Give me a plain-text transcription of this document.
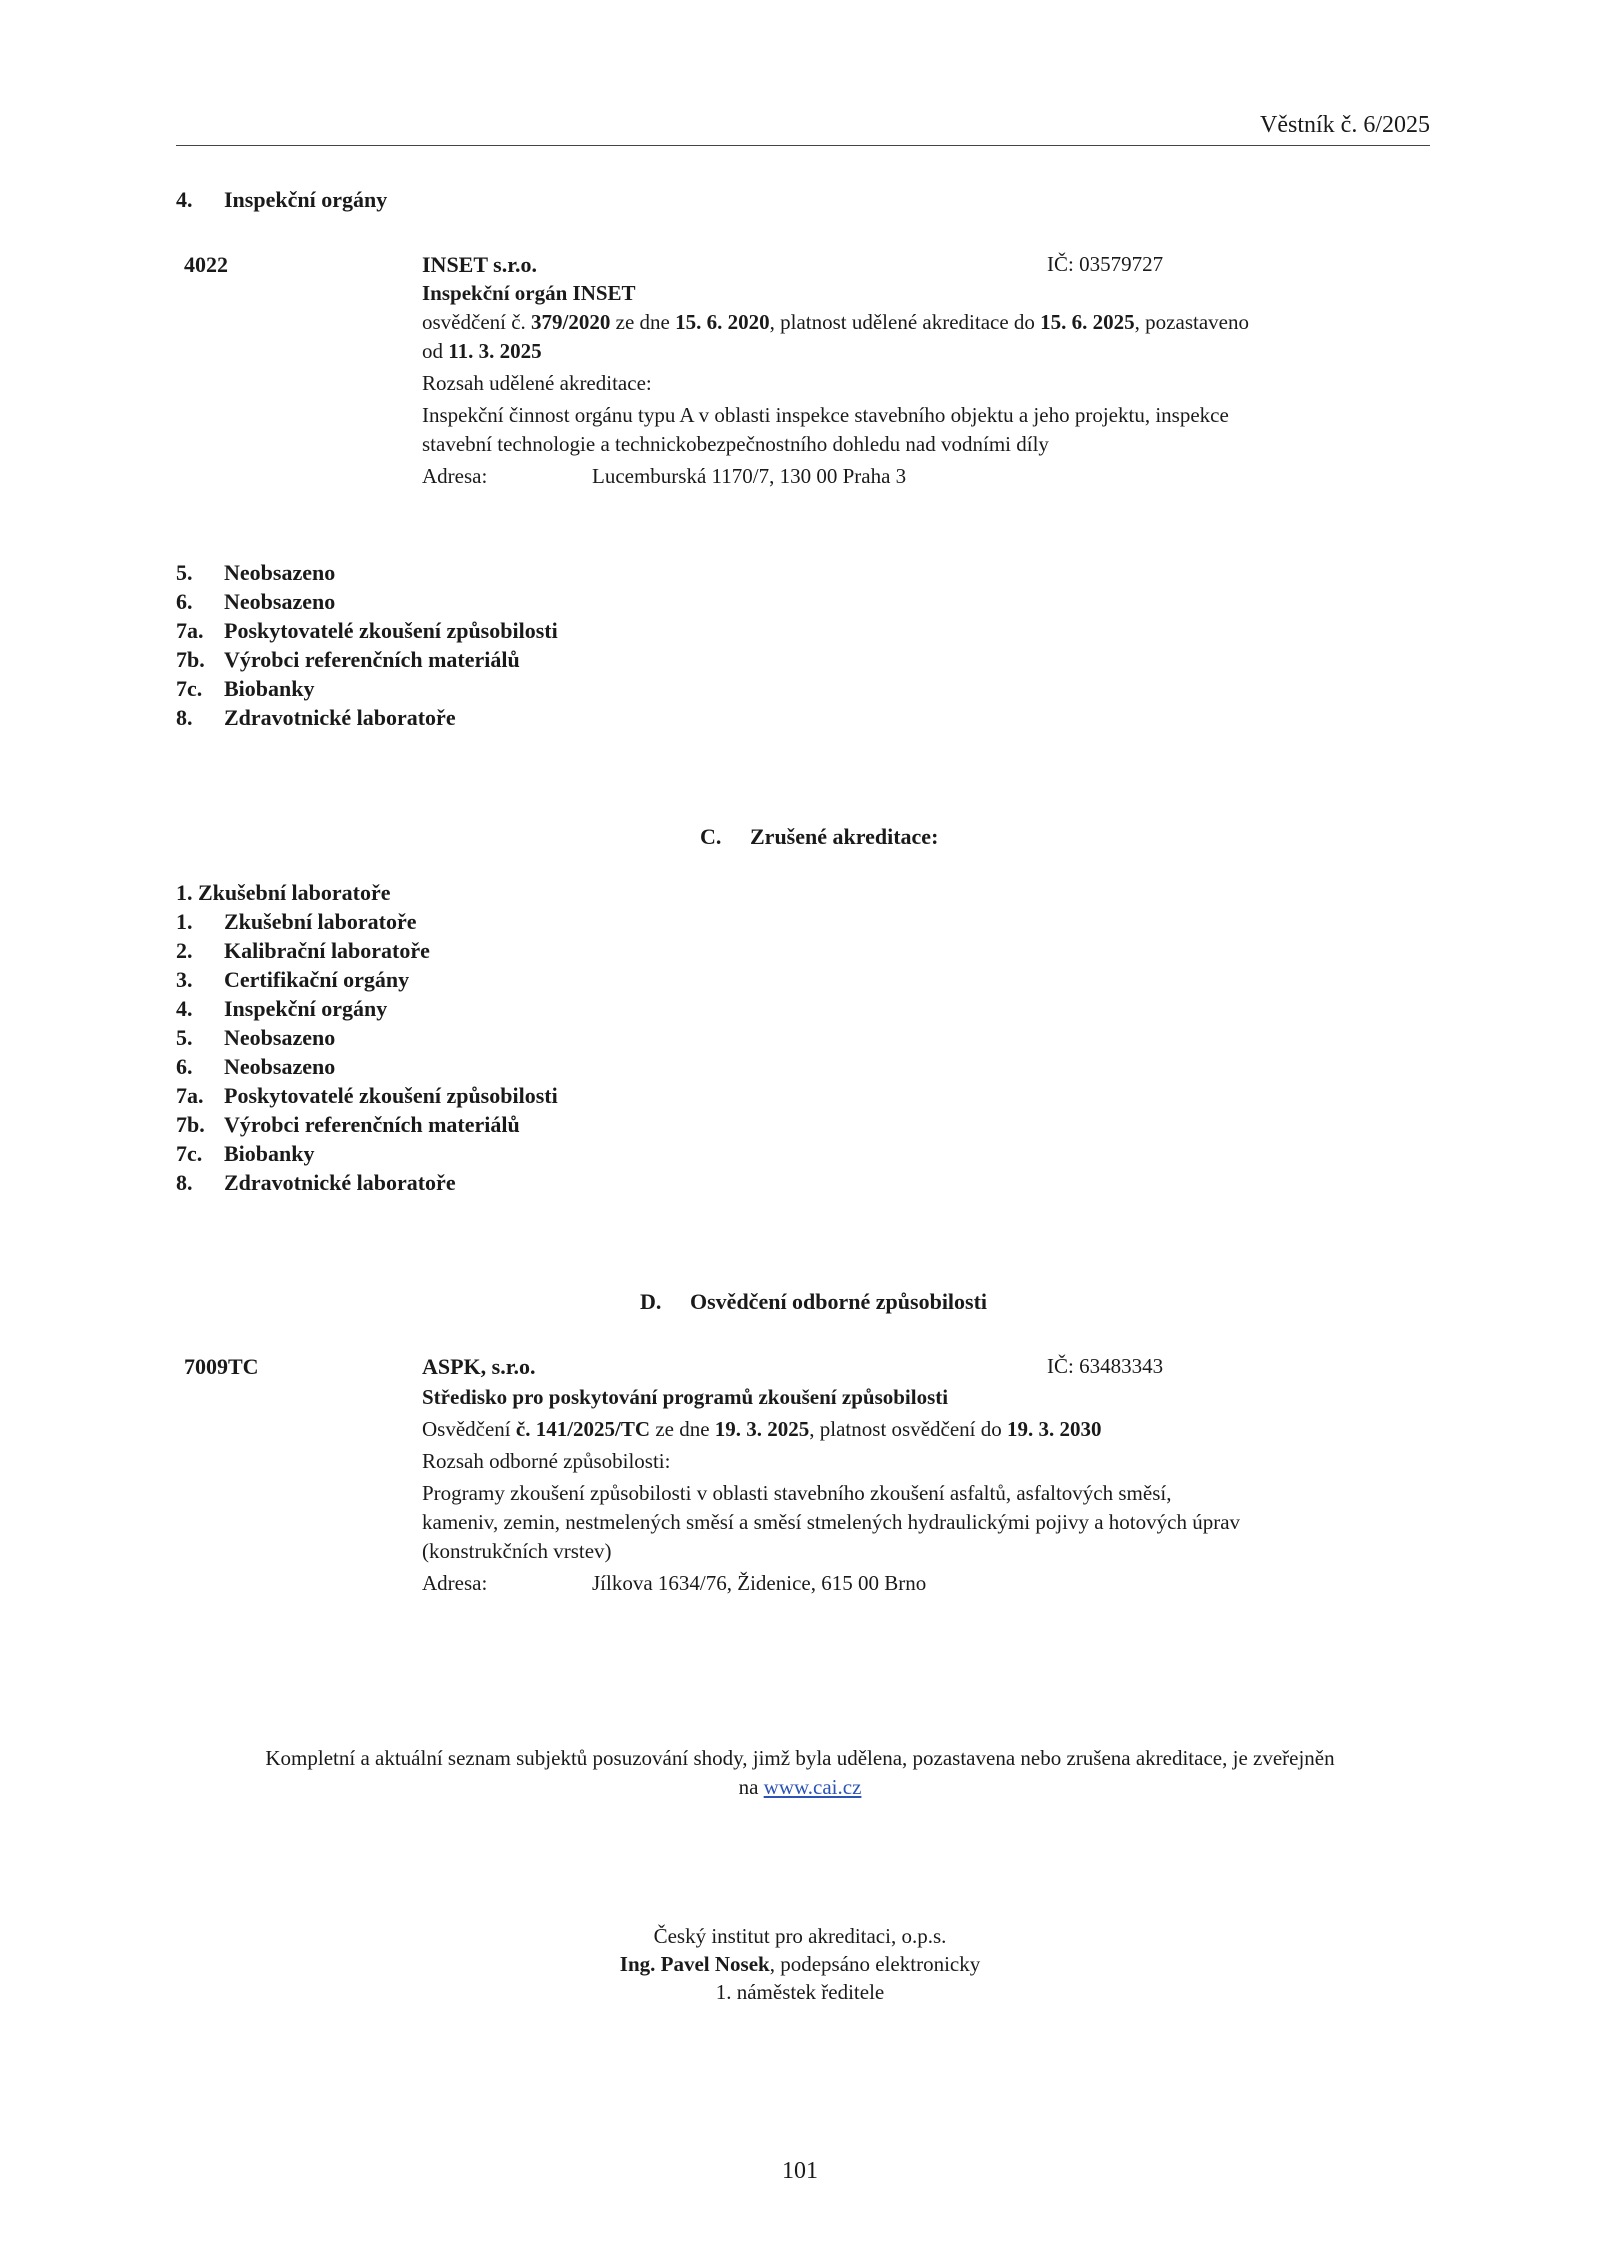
Věstník č. 6/2025
4. Inspekční orgány
4022	INSET s.r.o.	IČ: 03579727
Inspekční orgán INSET
osvědčení č. 379/2020 ze dne 15. 6. 2020, platnost udělené akreditace do 15. 6. 2025, pozastaveno
od 11. 3. 2025
Rozsah udělené akreditace:
Inspekční činnost orgánu typu A v oblasti inspekce stavebního objektu a jeho projektu, inspekce
stavební technologie a technickobezpečnostního dohledu nad vodními díly
Adresa:	Lucemburská 1170/7, 130 00 Praha 3
5. Neobsazeno
6. Neobsazeno
7a. Poskytovatelé zkoušení způsobilosti
7b. Výrobci referenčních materiálů
7c. Biobanky
8. Zdravotnické laboratoře
C. Zrušené akreditace:
1. Zkušební laboratoře
1. Zkušební laboratoře
2. Kalibrační laboratoře
3. Certifikační orgány
4. Inspekční orgány
5. Neobsazeno
6. Neobsazeno
7a. Poskytovatelé zkoušení způsobilosti
7b. Výrobci referenčních materiálů
7c. Biobanky
8. Zdravotnické laboratoře
D. Osvědčení odborné způsobilosti
7009TC	ASPK, s.r.o.	IČ: 63483343
Středisko pro poskytování programů zkoušení způsobilosti
Osvědčení č. 141/2025/TC ze dne 19. 3. 2025, platnost osvědčení do 19. 3. 2030
Rozsah odborné způsobilosti:
Programy zkoušení způsobilosti v oblasti stavebního zkoušení asfaltů, asfaltových směsí,
kameniv, zemin, nestmelených směsí a směsí stmelených hydraulickými pojivy a hotových úprav
(konstrukčních vrstev)
Adresa:	Jílkova 1634/76, Židenice, 615 00 Brno
Kompletní a aktuální seznam subjektů posuzování shody, jimž byla udělena, pozastavena nebo zrušena akreditace, je zveřejněn
na www.cai.cz
Český institut pro akreditaci, o.p.s.
Ing. Pavel Nosek, podepsáno elektronicky
1. náměstek ředitele
101
